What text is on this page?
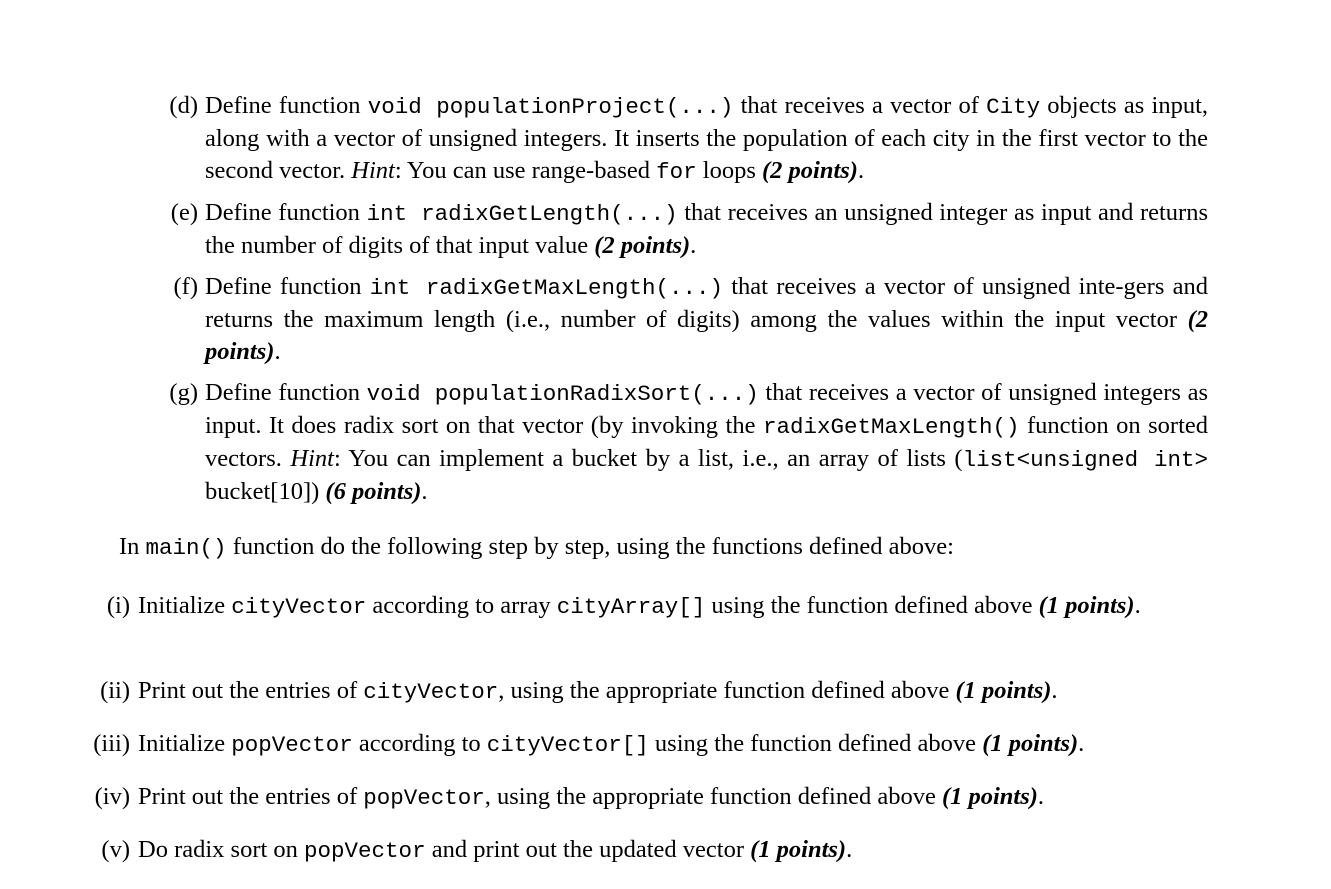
(d) Define function void populationProject(...) that receives a vector of City objects as input, along with a vector of unsigned integers. It inserts the population of each city in the first vector to the second vector. Hint: You can use range-based for loops (2 points).
(e) Define function int radixGetLength(...) that receives an unsigned integer as input and returns the number of digits of that input value (2 points).
(f) Define function int radixGetMaxLength(...) that receives a vector of unsigned inte-gers and returns the maximum length (i.e., number of digits) among the values within the input vector (2 points).
(g) Define function void populationRadixSort(...) that receives a vector of unsigned integers as input. It does radix sort on that vector (by invoking the radixGetMaxLength() function on sorted vectors. Hint: You can implement a bucket by a list, i.e., an array of lists (list<unsigned int> bucket[10]) (6 points).
In main() function do the following step by step, using the functions defined above:
(i) Initialize cityVector according to array cityArray[] using the function defined above (1 points).
(ii) Print out the entries of cityVector, using the appropriate function defined above (1 points).
(iii) Initialize popVector according to cityVector[] using the function defined above (1 points).
(iv) Print out the entries of popVector, using the appropriate function defined above (1 points).
(v) Do radix sort on popVector and print out the updated vector (1 points).
